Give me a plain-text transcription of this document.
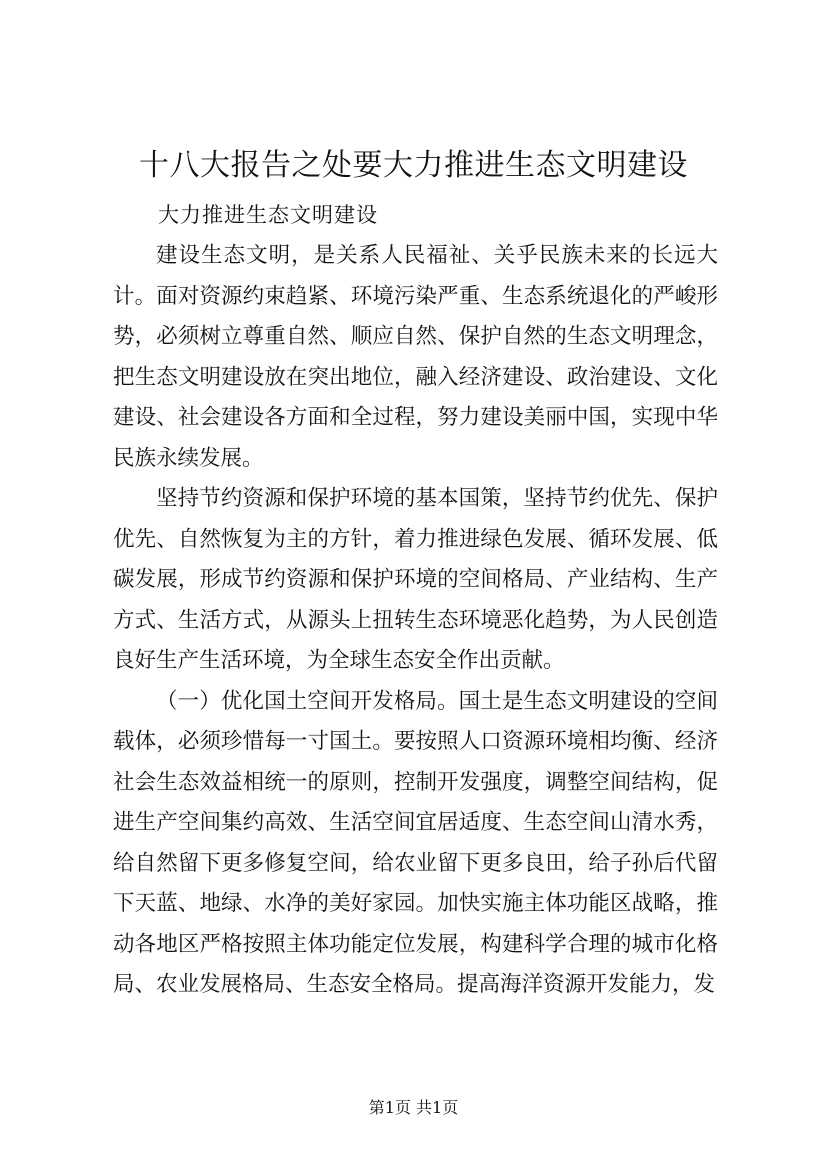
十八大报告之处要大力推进生态文明建设

大力推进生态文明建设

建设生态文明，是关系人民福祉、关乎民族未来的长远大计。面对资源约束趋紧、环境污染严重、生态系统退化的严峻形势，必须树立尊重自然、顺应自然、保护自然的生态文明理念，把生态文明建设放在突出地位，融入经济建设、政治建设、文化建设、社会建设各方面和全过程，努力建设美丽中国，实现中华民族永续发展。

坚持节约资源和保护环境的基本国策，坚持节约优先、保护优先、自然恢复为主的方针，着力推进绿色发展、循环发展、低碳发展，形成节约资源和保护环境的空间格局、产业结构、生产方式、生活方式，从源头上扭转生态环境恶化趋势，为人民创造良好生产生活环境，为全球生态安全作出贡献。

（一）优化国土空间开发格局。国土是生态文明建设的空间载体，必须珍惜每一寸国土。要按照人口资源环境相均衡、经济社会生态效益相统一的原则，控制开发强度，调整空间结构，促进生产空间集约高效、生活空间宜居适度、生态空间山清水秀，给自然留下更多修复空间，给农业留下更多良田，给子孙后代留下天蓝、地绿、水净的美好家园。加快实施主体功能区战略，推动各地区严格按照主体功能定位发展，构建科学合理的城市化格局、农业发展格局、生态安全格局。提高海洋资源开发能力，发

第1页 共1页
